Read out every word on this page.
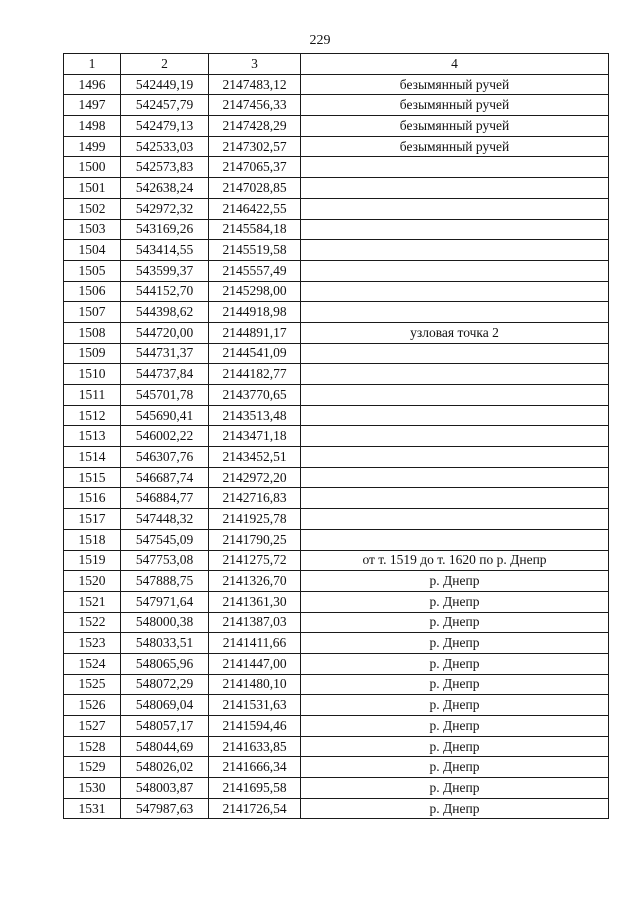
229
1	2	3	4
1496	542449,19	2147483,12	безымянный ручей
1497	542457,79	2147456,33	безымянный ручей
1498	542479,13	2147428,29	безымянный ручей
1499	542533,03	2147302,57	безымянный ручей
1500	542573,83	2147065,37	
1501	542638,24	2147028,85	
1502	542972,32	2146422,55	
1503	543169,26	2145584,18	
1504	543414,55	2145519,58	
1505	543599,37	2145557,49	
1506	544152,70	2145298,00	
1507	544398,62	2144918,98	
1508	544720,00	2144891,17	узловая точка 2
1509	544731,37	2144541,09	
1510	544737,84	2144182,77	
1511	545701,78	2143770,65	
1512	545690,41	2143513,48	
1513	546002,22	2143471,18	
1514	546307,76	2143452,51	
1515	546687,74	2142972,20	
1516	546884,77	2142716,83	
1517	547448,32	2141925,78	
1518	547545,09	2141790,25	
1519	547753,08	2141275,72	от т. 1519 до т. 1620 по р. Днепр
1520	547888,75	2141326,70	р. Днепр
1521	547971,64	2141361,30	р. Днепр
1522	548000,38	2141387,03	р. Днепр
1523	548033,51	2141411,66	р. Днепр
1524	548065,96	2141447,00	р. Днепр
1525	548072,29	2141480,10	р. Днепр
1526	548069,04	2141531,63	р. Днепр
1527	548057,17	2141594,46	р. Днепр
1528	548044,69	2141633,85	р. Днепр
1529	548026,02	2141666,34	р. Днепр
1530	548003,87	2141695,58	р. Днепр
1531	547987,63	2141726,54	р. Днепр
